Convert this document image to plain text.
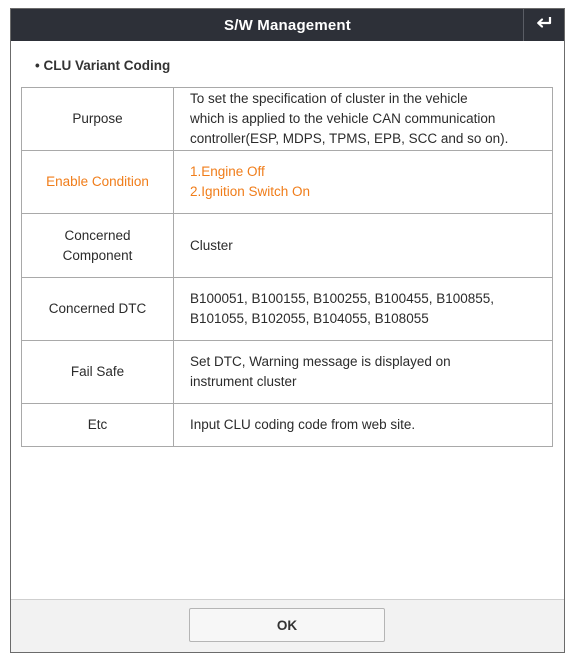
S/W Management
• CLU Variant Coding
Purpose	To set the specification of cluster in the vehicle
which is applied to the vehicle CAN communication
controller(ESP, MDPS, TPMS, EPB, SCC and so on).

Enable Condition	1.Engine Off
2.Ignition Switch On

Concerned
Component	Cluster

Concerned DTC	B100051, B100155, B100255, B100455, B100855,
B101055, B102055, B104055, B108055

Fail Safe	Set DTC, Warning message is displayed on
instrument cluster

Etc	Input CLU coding code from web site.
OK
